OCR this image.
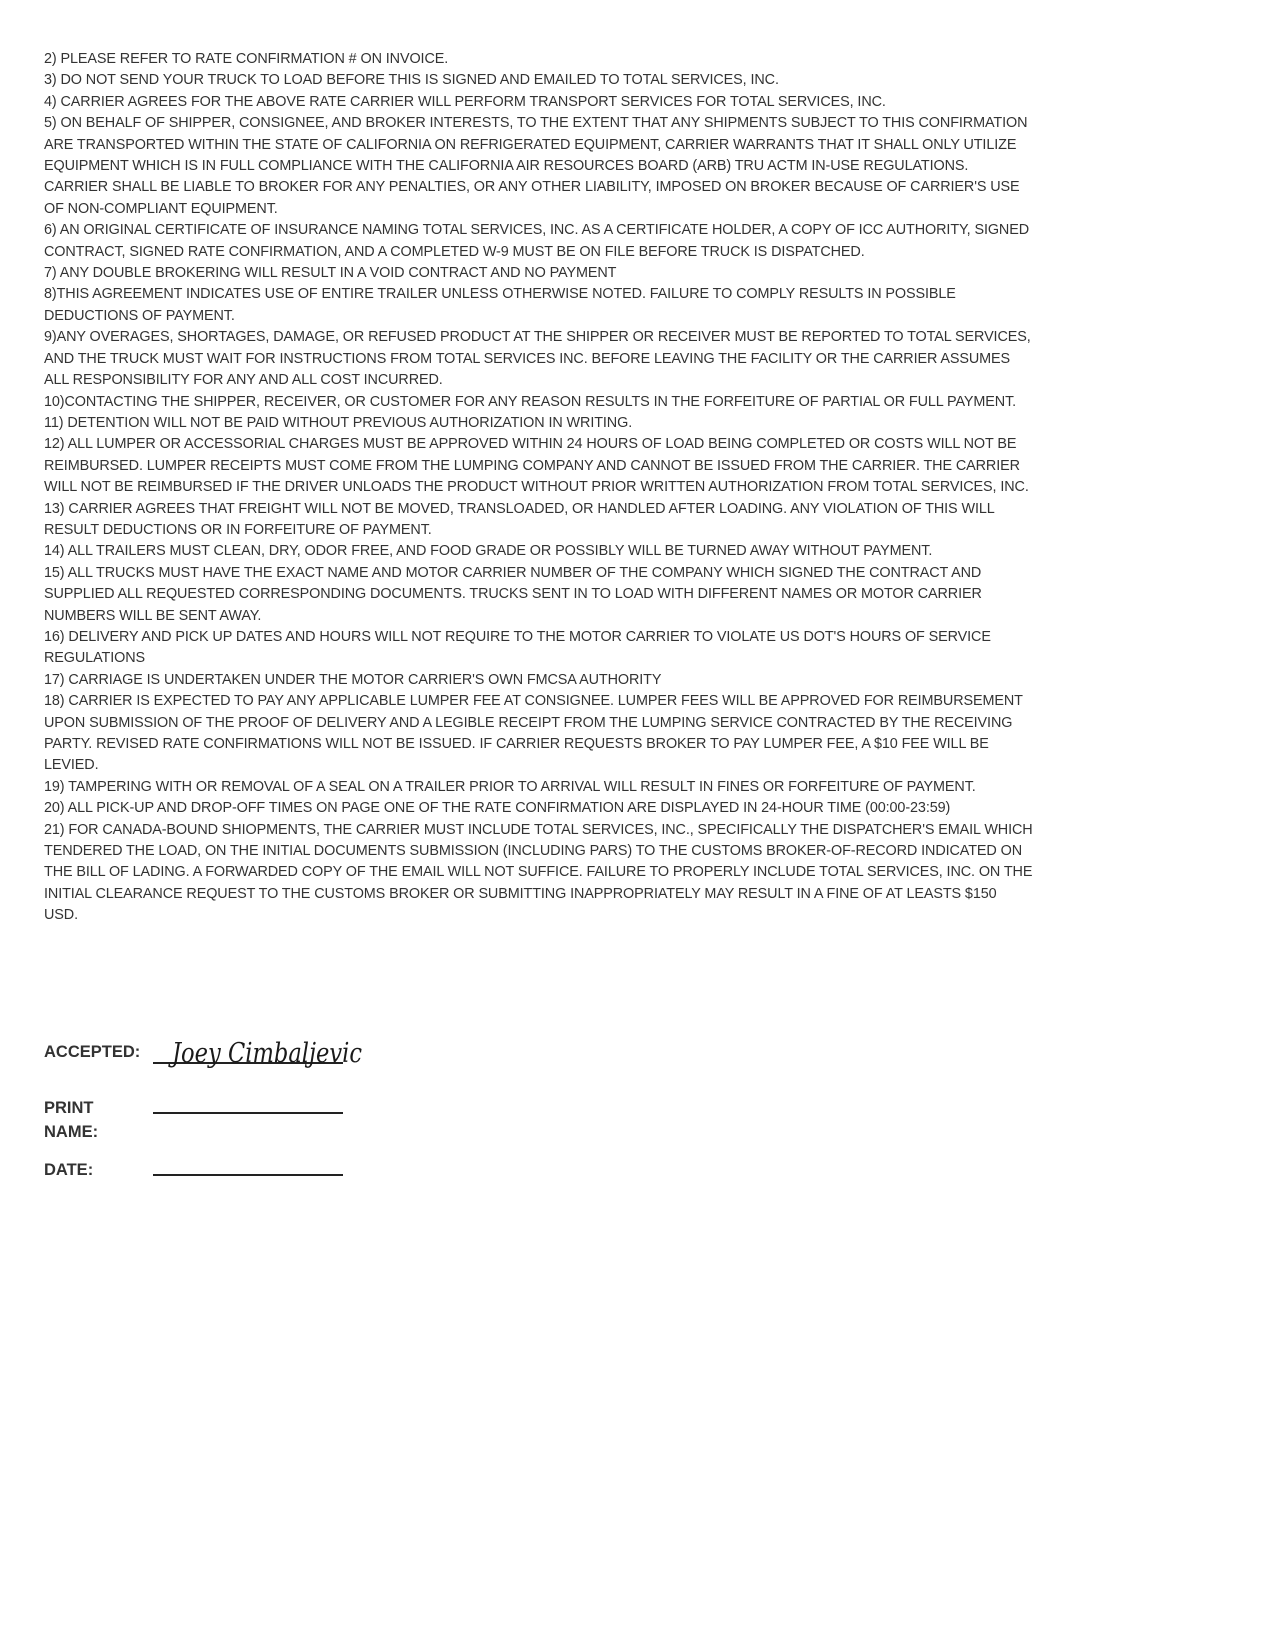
2) PLEASE REFER TO RATE CONFIRMATION # ON INVOICE.

3) DO NOT SEND YOUR TRUCK TO LOAD BEFORE THIS IS SIGNED AND EMAILED TO TOTAL SERVICES, INC.

4) CARRIER AGREES FOR THE ABOVE RATE CARRIER WILL PERFORM TRANSPORT SERVICES FOR TOTAL SERVICES, INC.

5) ON BEHALF OF SHIPPER, CONSIGNEE, AND BROKER INTERESTS, TO THE EXTENT THAT ANY SHIPMENTS SUBJECT TO THIS CONFIRMATION ARE TRANSPORTED WITHIN THE STATE OF CALIFORNIA ON REFRIGERATED EQUIPMENT, CARRIER WARRANTS THAT IT SHALL ONLY UTILIZE EQUIPMENT WHICH IS IN FULL COMPLIANCE WITH THE CALIFORNIA AIR RESOURCES BOARD (ARB) TRU ACTM IN-USE REGULATIONS. CARRIER SHALL BE LIABLE TO BROKER FOR ANY PENALTIES, OR ANY OTHER LIABILITY, IMPOSED ON BROKER BECAUSE OF CARRIER'S USE OF NON-COMPLIANT EQUIPMENT.

6) AN ORIGINAL CERTIFICATE OF INSURANCE NAMING TOTAL SERVICES, INC. AS A CERTIFICATE HOLDER, A COPY OF ICC AUTHORITY, SIGNED CONTRACT, SIGNED RATE CONFIRMATION, AND A COMPLETED W-9 MUST BE ON FILE BEFORE TRUCK IS DISPATCHED.

7) ANY DOUBLE BROKERING WILL RESULT IN A VOID CONTRACT AND NO PAYMENT

8)THIS AGREEMENT INDICATES USE OF ENTIRE TRAILER UNLESS OTHERWISE NOTED. FAILURE TO COMPLY RESULTS IN POSSIBLE DEDUCTIONS OF PAYMENT.

9)ANY OVERAGES, SHORTAGES, DAMAGE, OR REFUSED PRODUCT AT THE SHIPPER OR RECEIVER MUST BE REPORTED TO TOTAL SERVICES, AND THE TRUCK MUST WAIT FOR INSTRUCTIONS FROM TOTAL SERVICES INC. BEFORE LEAVING THE FACILITY OR THE CARRIER ASSUMES ALL RESPONSIBILITY FOR ANY AND ALL COST INCURRED.

10)CONTACTING THE SHIPPER, RECEIVER, OR CUSTOMER FOR ANY REASON RESULTS IN THE FORFEITURE OF PARTIAL OR FULL PAYMENT.

11) DETENTION WILL NOT BE PAID WITHOUT PREVIOUS AUTHORIZATION IN WRITING.

12) ALL LUMPER OR ACCESSORIAL CHARGES MUST BE APPROVED WITHIN 24 HOURS OF LOAD BEING COMPLETED OR COSTS WILL NOT BE REIMBURSED. LUMPER RECEIPTS MUST COME FROM THE LUMPING COMPANY AND CANNOT BE ISSUED FROM THE CARRIER. THE CARRIER WILL NOT BE REIMBURSED IF THE DRIVER UNLOADS THE PRODUCT WITHOUT PRIOR WRITTEN AUTHORIZATION FROM TOTAL SERVICES, INC.

13) CARRIER AGREES THAT FREIGHT WILL NOT BE MOVED, TRANSLOADED, OR HANDLED AFTER LOADING. ANY VIOLATION OF THIS WILL RESULT DEDUCTIONS OR IN FORFEITURE OF PAYMENT.

14) ALL TRAILERS MUST CLEAN, DRY, ODOR FREE, AND FOOD GRADE OR POSSIBLY WILL BE TURNED AWAY WITHOUT PAYMENT.

15) ALL TRUCKS MUST HAVE THE EXACT NAME AND MOTOR CARRIER NUMBER OF THE COMPANY WHICH SIGNED THE CONTRACT AND SUPPLIED ALL REQUESTED CORRESPONDING DOCUMENTS. TRUCKS SENT IN TO LOAD WITH DIFFERENT NAMES OR MOTOR CARRIER NUMBERS WILL BE SENT AWAY.

16) DELIVERY AND PICK UP DATES AND HOURS WILL NOT REQUIRE TO THE MOTOR CARRIER TO VIOLATE US DOT'S HOURS OF SERVICE REGULATIONS

17) CARRIAGE IS UNDERTAKEN UNDER THE MOTOR CARRIER'S OWN FMCSA AUTHORITY

18) CARRIER IS EXPECTED TO PAY ANY APPLICABLE LUMPER FEE AT CONSIGNEE. LUMPER FEES WILL BE APPROVED FOR REIMBURSEMENT UPON SUBMISSION OF THE PROOF OF DELIVERY AND A LEGIBLE RECEIPT FROM THE LUMPING SERVICE CONTRACTED BY THE RECEIVING PARTY. REVISED RATE CONFIRMATIONS WILL NOT BE ISSUED. IF CARRIER REQUESTS BROKER TO PAY LUMPER FEE, A $10 FEE WILL BE LEVIED.

19) TAMPERING WITH OR REMOVAL OF A SEAL ON A TRAILER PRIOR TO ARRIVAL WILL RESULT IN FINES OR FORFEITURE OF PAYMENT.

20) ALL PICK-UP AND DROP-OFF TIMES ON PAGE ONE OF THE RATE CONFIRMATION ARE DISPLAYED IN 24-HOUR TIME (00:00-23:59)

21) FOR CANADA-BOUND SHIOPMENTS, THE CARRIER MUST INCLUDE TOTAL SERVICES, INC., SPECIFICALLY THE DISPATCHER'S EMAIL WHICH TENDERED THE LOAD, ON THE INITIAL DOCUMENTS SUBMISSION (INCLUDING PARS) TO THE CUSTOMS BROKER-OF-RECORD INDICATED ON THE BILL OF LADING. A FORWARDED COPY OF THE EMAIL WILL NOT SUFFICE. FAILURE TO PROPERLY INCLUDE TOTAL SERVICES, INC. ON THE INITIAL CLEARANCE REQUEST TO THE CUSTOMS BROKER OR SUBMITTING INAPPROPRIATELY MAY RESULT IN A FINE OF AT LEASTS $150 USD.

ACCEPTED: Joey Cimbaljevic
PRINT
NAME:
DATE:
